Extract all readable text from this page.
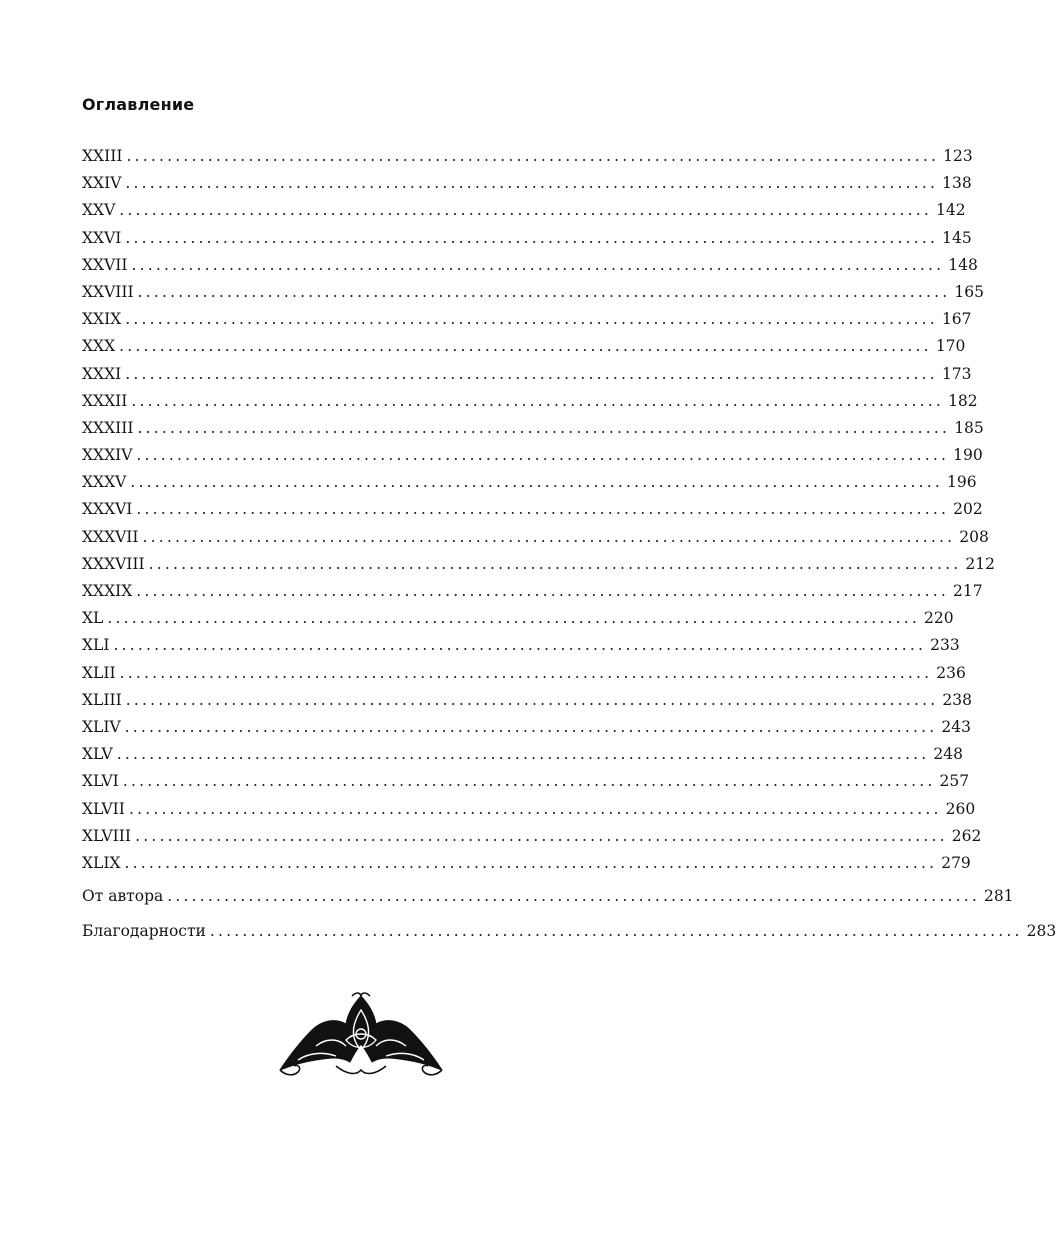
Оглавление
XXIII .................................................................................................... 123
XXIV .................................................................................................... 138
XXV .................................................................................................... 142
XXVI .................................................................................................... 145
XXVII .................................................................................................... 148
XXVIII .................................................................................................... 165
XXIX .................................................................................................... 167
XXX .................................................................................................... 170
XXXI .................................................................................................... 173
XXXII .................................................................................................... 182
XXXIII .................................................................................................... 185
XXXIV .................................................................................................... 190
XXXV .................................................................................................... 196
XXXVI .................................................................................................... 202
XXXVII .................................................................................................... 208
XXXVIII .................................................................................................... 212
XXXIX .................................................................................................... 217
XL .................................................................................................... 220
XLI .................................................................................................... 233
XLII .................................................................................................... 236
XLIII .................................................................................................... 238
XLIV .................................................................................................... 243
XLV .................................................................................................... 248
XLVI .................................................................................................... 257
XLVII .................................................................................................... 260
XLVIII .................................................................................................... 262
XLIX .................................................................................................... 279
От автора .................................................................................................... 281
Благодарности .................................................................................................... 283
